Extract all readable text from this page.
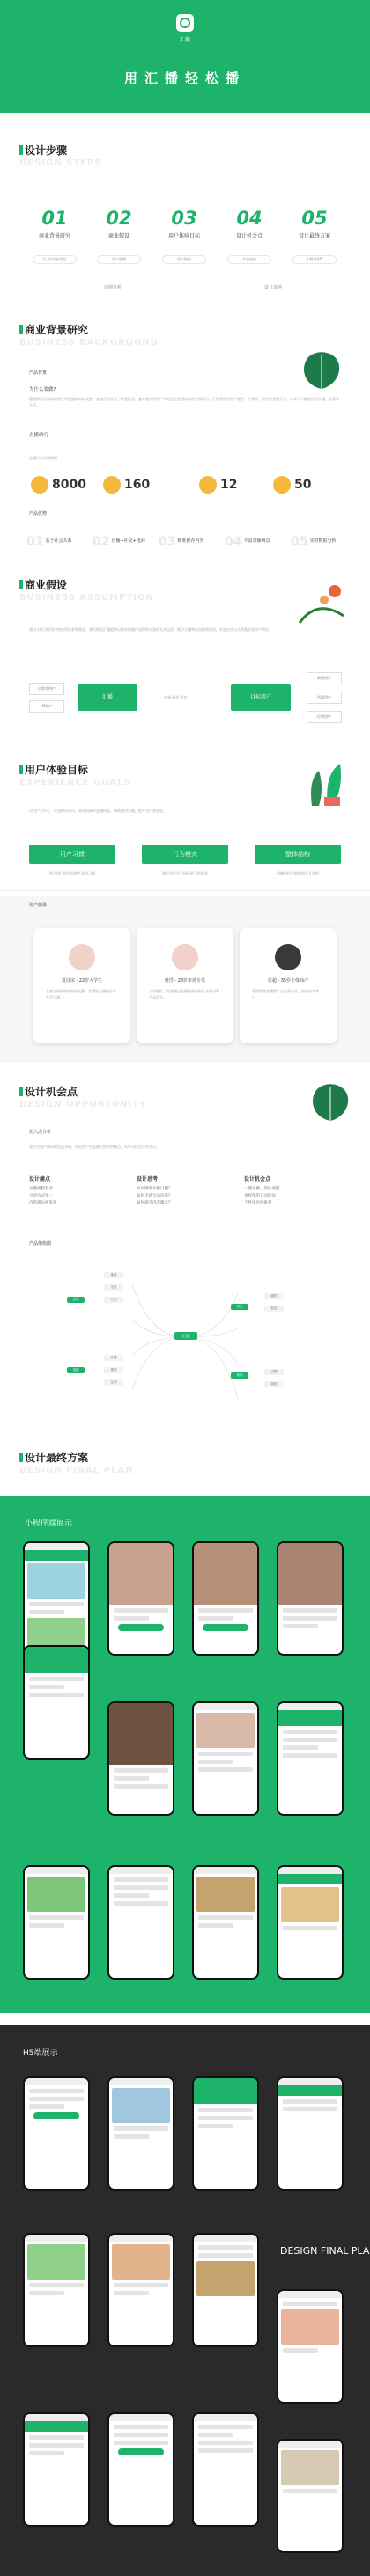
汇播
用汇播轻松播
设计步骤
DESIGN STEPS
01
商业背景研究
02
商业假设
03
用户体验目标
04
设计机会点
05
设计最终方案
行业/市场/竞品	用户画像	用户路径	产品结构	小程序/H5
前期分析	设计落地
商业背景研究
BUSINESS BACKGROUND
产品背景
为什么要做?
随着移动互联网的普及和直播技术的成熟，直播行业迎来了快速发展，越来越多的用户开始通过直播获取信息和娱乐。汇播希望为用户提供一个简单、轻松的直播平台，让每个人都能轻松开播、观看和互动。
直播研究
直播行业市场规模
8000	160	12	50
产品优势
01 基于社会关系 02 直播+社交+电商 03 精准推荐内容 04 丰富直播场景 05 实时数据分析
商业假设
BUSINESS ASSUMPTION
通过分析目标用户的使用场景和需求，我们假设汇播能够以简单的操作流程和丰富的互动玩法，吸引主播和观众持续使用，并通过社交关系链实现用户增长。
小程序用户
H5用户
汇播	流量·转化·留存	目标用户
新增用户
活跃用户
付费用户
用户体验目标
EXPERIENCE GOALS
以用户为中心，打造简洁易用、高效流畅的直播体验，降低使用门槛，提升用户满意度。
用户习惯	行为模式	整体结构
符合用户使用直播产品的习惯	满足用户在不同场景下的需求	清晰的信息架构和交互流程
用户画像
夏以沫 · 22岁大学生
喜欢在课余时间观看直播，希望能方便地分享生活点滴。
唐洋 · 28岁市场专员
工作繁忙，需要通过直播快速获取行业资讯和产品信息。
张超 · 35岁个体商户
希望借助直播推广自己的产品，拓展更多客户。
设计机会点
DESIGN OPPORTUNITY
切入点分析
通过对用户调研和竞品分析，找出用户在直播过程中的痛点，从中寻找设计机会点。
设计痛点
开播流程复杂
互动方式单一
内容难以被发现
设计思考
如何降低开播门槛？
如何丰富互动玩法？
如何提升内容曝光？
设计机会点
一键开播，简化流程
多样化的互动玩法
个性化内容推荐
产品架构图
汇播
首页
直播
消息
我的
推荐
关注
分类
开播
观看
互动
通知
私信
设置
钱包
设计最终方案
DESIGN FINAL PLAN
小程序端展示
H5端展示
DESIGN FINAL PLA
